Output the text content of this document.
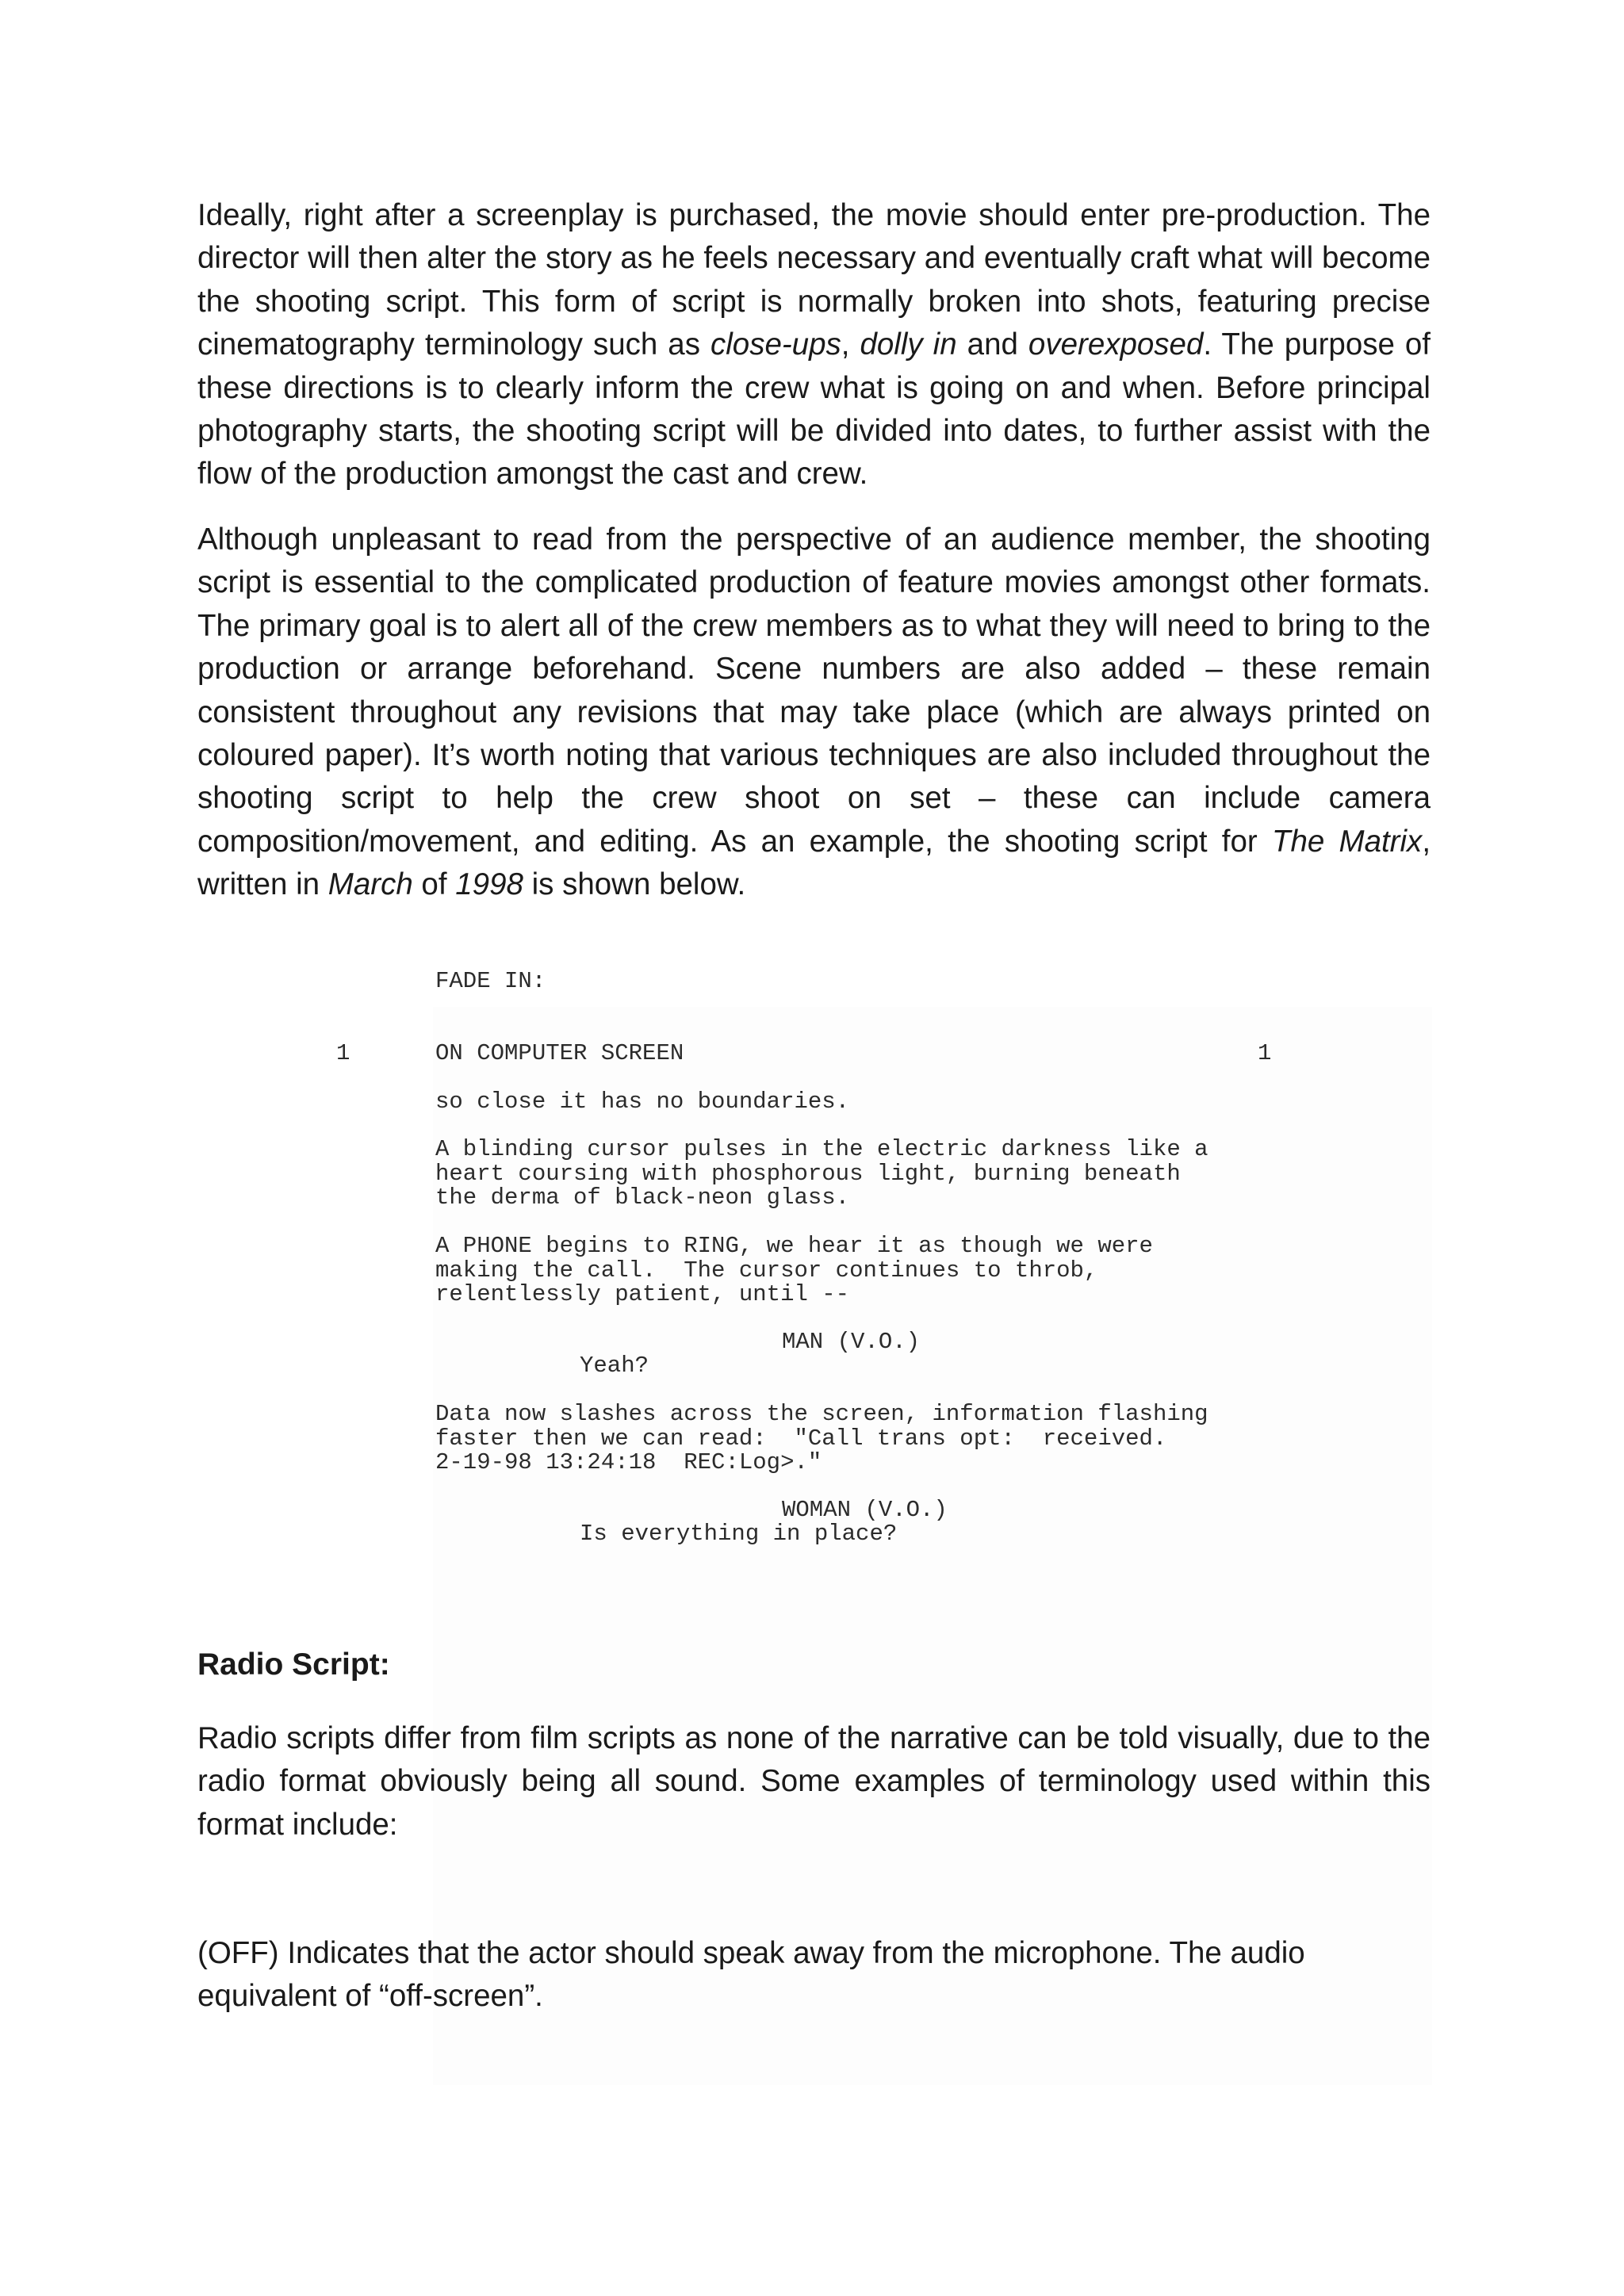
Ideally, right after a screenplay is purchased, the movie should enter pre-production. The director will then alter the story as he feels necessary and eventually craft what will become the shooting script. This form of script is normally broken into shots, featuring precise cinematography terminology such as close-ups, dolly in and overexposed. The purpose of these directions is to clearly inform the crew what is going on and when. Before principal photography starts, the shooting script will be divided into dates, to further assist with the flow of the production amongst the cast and crew.

Although unpleasant to read from the perspective of an audience member, the shooting script is essential to the complicated production of feature movies amongst other formats. The primary goal is to alert all of the crew members as to what they will need to bring to the production or arrange beforehand. Scene numbers are also added – these remain consistent throughout any revisions that may take place (which are always printed on coloured paper). It’s worth noting that various techniques are also included throughout the shooting script to help the crew shoot on set – these can include camera composition/movement, and editing. As an example, the shooting script for The Matrix, written in March of 1998 is shown below.

FADE IN:
1	ON COMPUTER SCREEN	1
so close it has no boundaries.
A blinding cursor pulses in the electric darkness like a
heart coursing with phosphorous light, burning beneath
the derma of black-neon glass.
A PHONE begins to RING, we hear it as though we were
making the call.  The cursor continues to throb,
relentlessly patient, until --
MAN (V.O.)
Yeah?
Data now slashes across the screen, information flashing
faster then we can read:  "Call trans opt:  received.
2-19-98 13:24:18  REC:Log>."
WOMAN (V.O.)
Is everything in place?
Radio Script:

Radio scripts differ from film scripts as none of the narrative can be told visually, due to the radio format obviously being all sound. Some examples of terminology used within this format include:

(OFF) Indicates that the actor should speak away from the microphone. The audio equivalent of “off-screen”.
